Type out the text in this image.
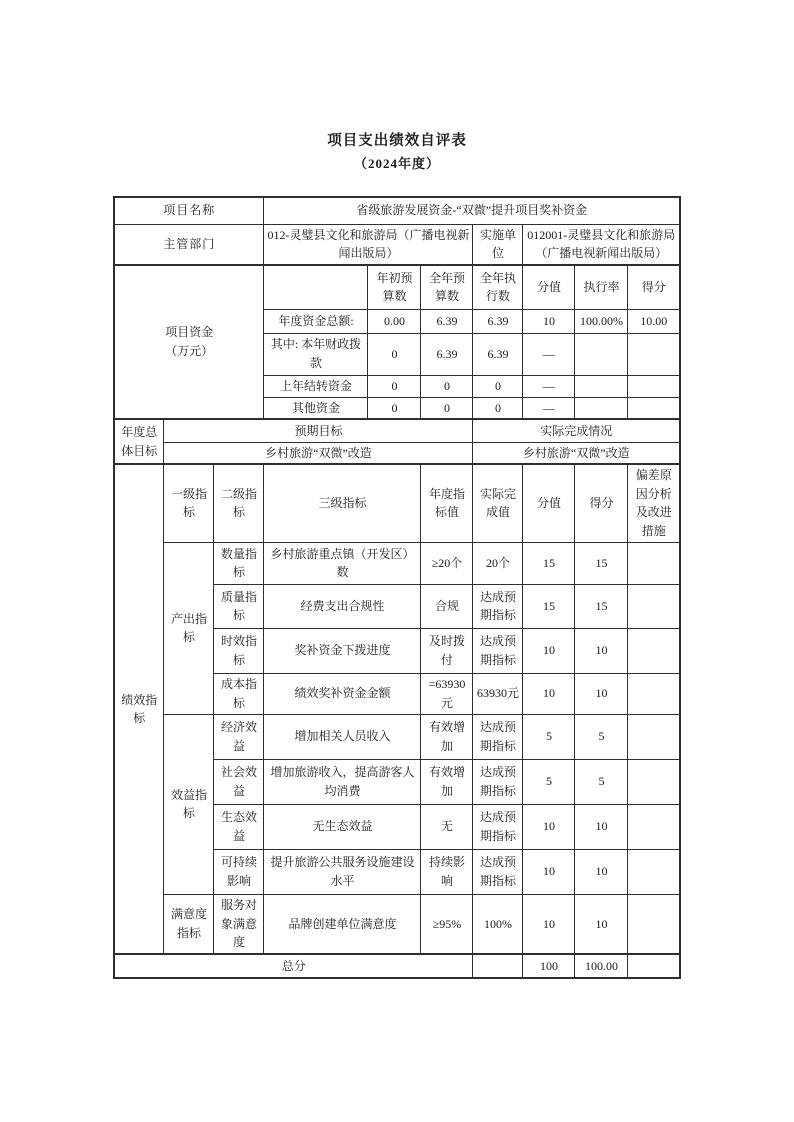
项目支出绩效自评表
（2024年度）
项目名称			省级旅游发展资金-“双微”提升项目奖补资金						
主管部门			012-灵璧县文化和旅游局（广播电视新闻出版局）			实施单位	012001-灵璧县文化和旅游局（广播电视新闻出版局）		

项目资金
（万元）				年初预算数	全年预算数	全年执行数	分值	执行率	得分
			年度资金总额:	0.00	6.39	6.39	10	100.00%	10.00
			其中: 本年财政拨款	0	6.39	6.39	—		
			上年结转资金	0	0	0	—		
			其他资金	0	0	0	—		
年度总体目标	预期目标					实际完成情况			
	乡村旅游“双微”改造					乡村旅游“双微”改造			
绩效指标	一级指标	二级指标	三级指标		年度指标值	实际完成值	分值	得分	偏差原因分析及改进措施
	产出指标	数量指标	乡村旅游重点镇（开发区）数		≥20个	20个	15	15	
		质量指标	经费支出合规性		合规	达成预期指标	15	15	
		时效指标	奖补资金下拨进度		及时拨付	达成预期指标	10	10	
		成本指标	绩效奖补资金金额		=63930元	63930元	10	10	
	效益指标	经济效益	增加相关人员收入		有效增加	达成预期指标	5	5	
		社会效益	增加旅游收入，提高游客人均消费		有效增加	达成预期指标	5	5	
		生态效益	无生态效益		无	达成预期指标	10	10	
		可持续影响	提升旅游公共服务设施建设水平		持续影响	达成预期指标	10	10	
	满意度指标	服务对象满意度	品牌创建单位满意度		≥95%	100%	10	10	
总分							100	100.00	
